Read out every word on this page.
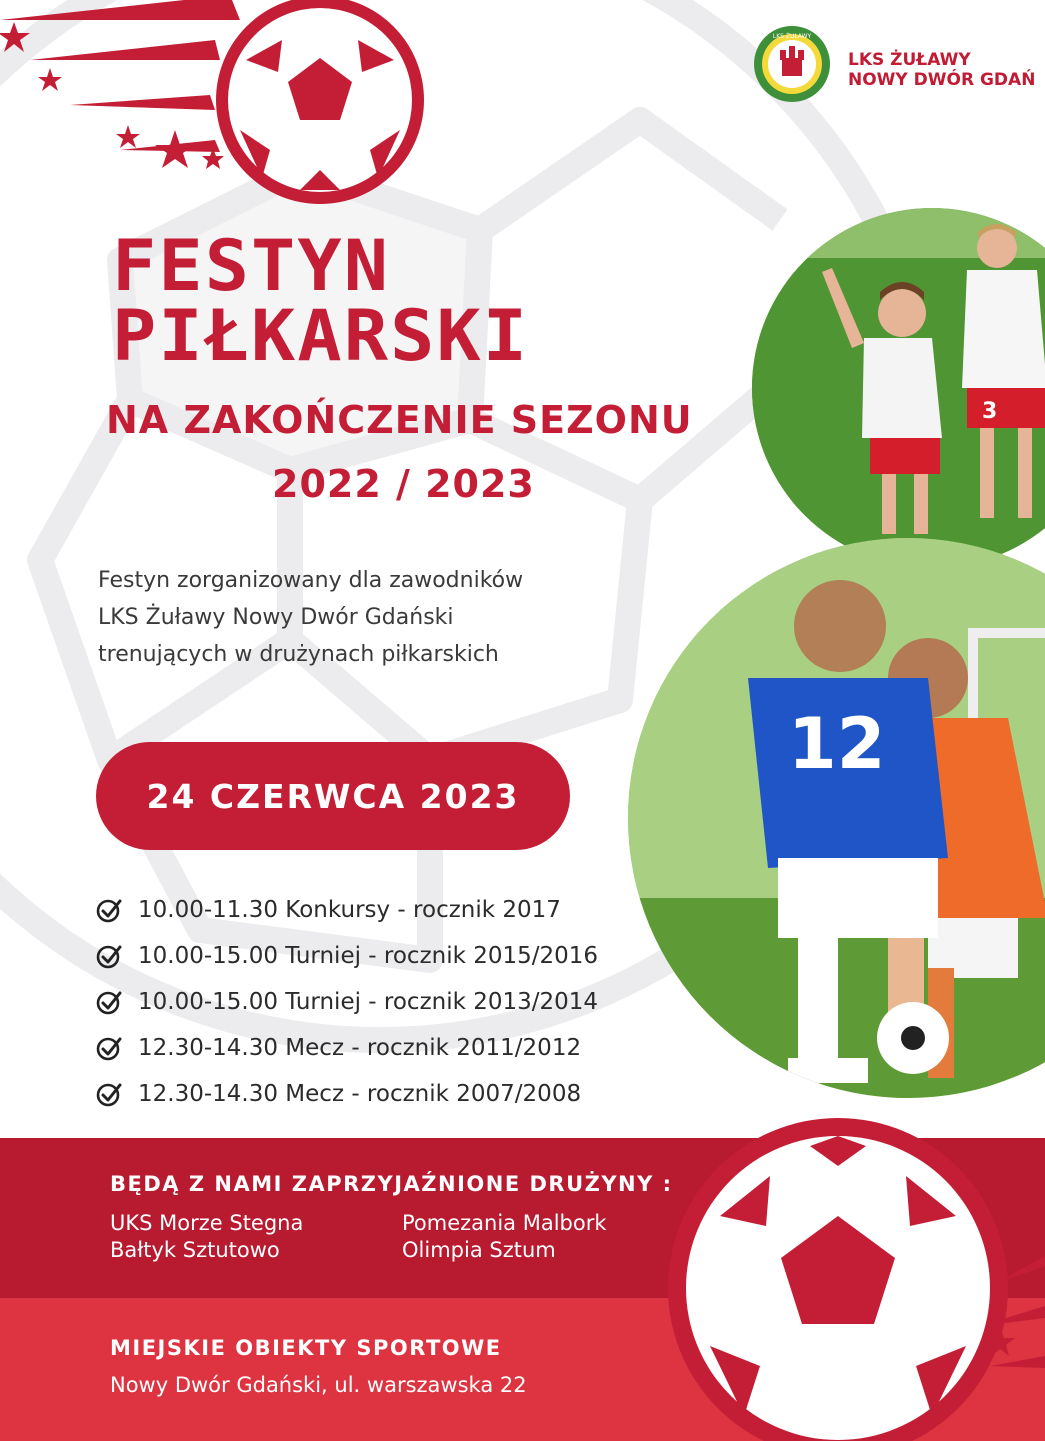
LKS ŻUŁAWY
LKS ŻUŁAWY
NOWY DWÓR GDAŃ
FESTYN
PIŁKARSKI
NA ZAKOŃCZENIE SEZONU
2022 / 2023
Festyn zorganizowany dla zawodników
LKS Żuławy Nowy Dwór Gdański
trenujących w drużynach piłkarskich
3
12
24 CZERWCA 2023
10.00-11.30 Konkursy - rocznik 2017
10.00-15.00 Turniej - rocznik 2015/2016
10.00-15.00 Turniej - rocznik 2013/2014
12.30-14.30 Mecz - rocznik 2011/2012
12.30-14.30 Mecz - rocznik 2007/2008
BĘDĄ Z NAMI ZAPRZYJAŹNIONE DRUŻYNY :
UKS Morze Stegna
Bałtyk Sztutowo
Pomezania Malbork
Olimpia Sztum
MIEJSKIE OBIEKTY SPORTOWE
Nowy Dwór Gdański, ul. warszawska 22
